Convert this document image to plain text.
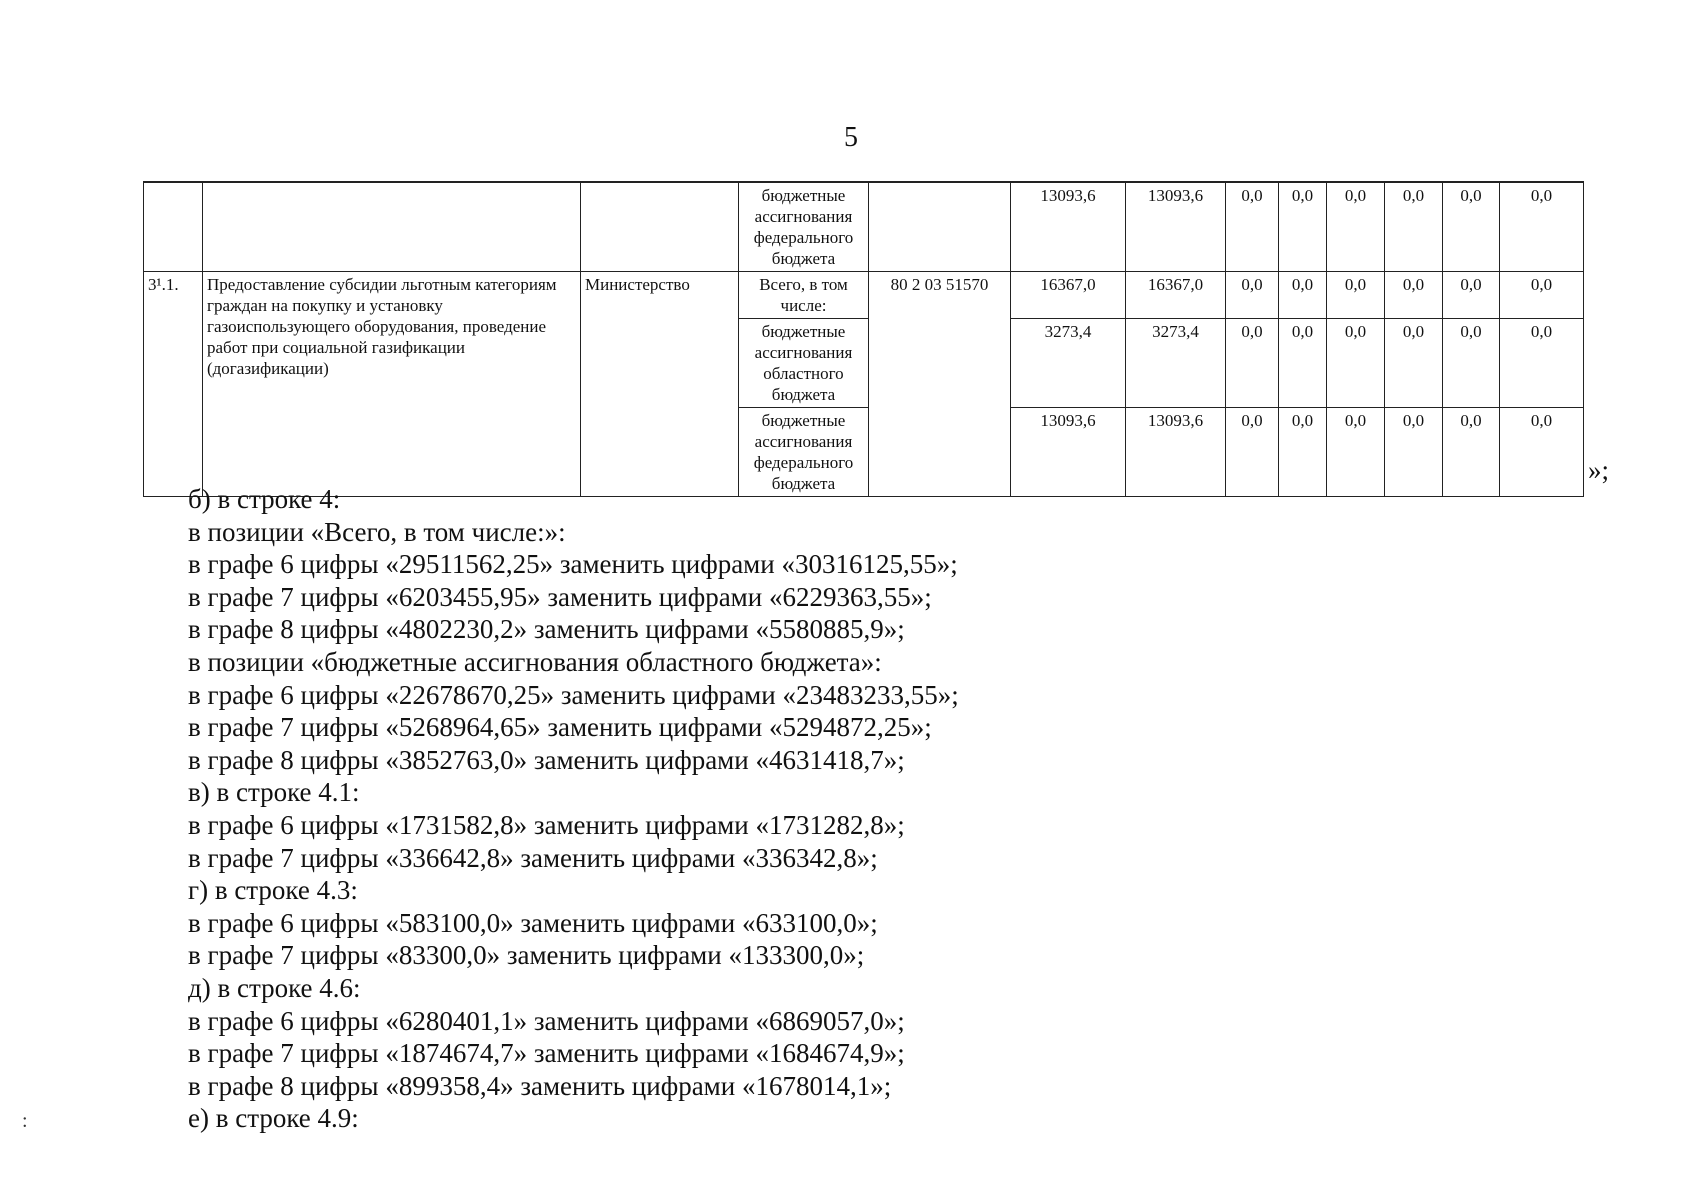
5
			бюджетные ассигнования федерального бюджета		13093,6	13093,6	0,0	0,0	0,0	0,0	0,0	0,0
3¹.1.	Предоставление субсидии льготным категориям граждан на покупку и установку газоиспользующего оборудования, проведение работ при социальной газификации (догазификации)	Министерство	Всего, в том числе:	80 2 03 51570	16367,0	16367,0	0,0	0,0	0,0	0,0	0,0	0,0
			бюджетные ассигнования областного бюджета		3273,4	3273,4	0,0	0,0	0,0	0,0	0,0	0,0
			бюджетные ассигнования федерального бюджета		13093,6	13093,6	0,0	0,0	0,0	0,0	0,0	0,0
»;
б) в строке 4:
в позиции «Всего, в том числе:»:
в графе 6 цифры «29511562,25» заменить цифрами «30316125,55»;
в графе 7 цифры «6203455,95» заменить цифрами «6229363,55»;
в графе 8 цифры «4802230,2» заменить цифрами «5580885,9»;
в позиции «бюджетные ассигнования областного бюджета»:
в графе 6 цифры «22678670,25» заменить цифрами «23483233,55»;
в графе 7 цифры «5268964,65» заменить цифрами «5294872,25»;
в графе 8 цифры «3852763,0» заменить цифрами «4631418,7»;
в) в строке 4.1:
в графе 6 цифры «1731582,8» заменить цифрами «1731282,8»;
в графе 7 цифры «336642,8» заменить цифрами «336342,8»;
г) в строке 4.3:
в графе 6 цифры «583100,0» заменить цифрами «633100,0»;
в графе 7 цифры «83300,0» заменить цифрами «133300,0»;
д) в строке 4.6:
в графе 6 цифры «6280401,1» заменить цифрами «6869057,0»;
в графе 7 цифры «1874674,7» заменить цифрами «1684674,9»;
в графе 8 цифры «899358,4» заменить цифрами «1678014,1»;
е) в строке 4.9:
:
